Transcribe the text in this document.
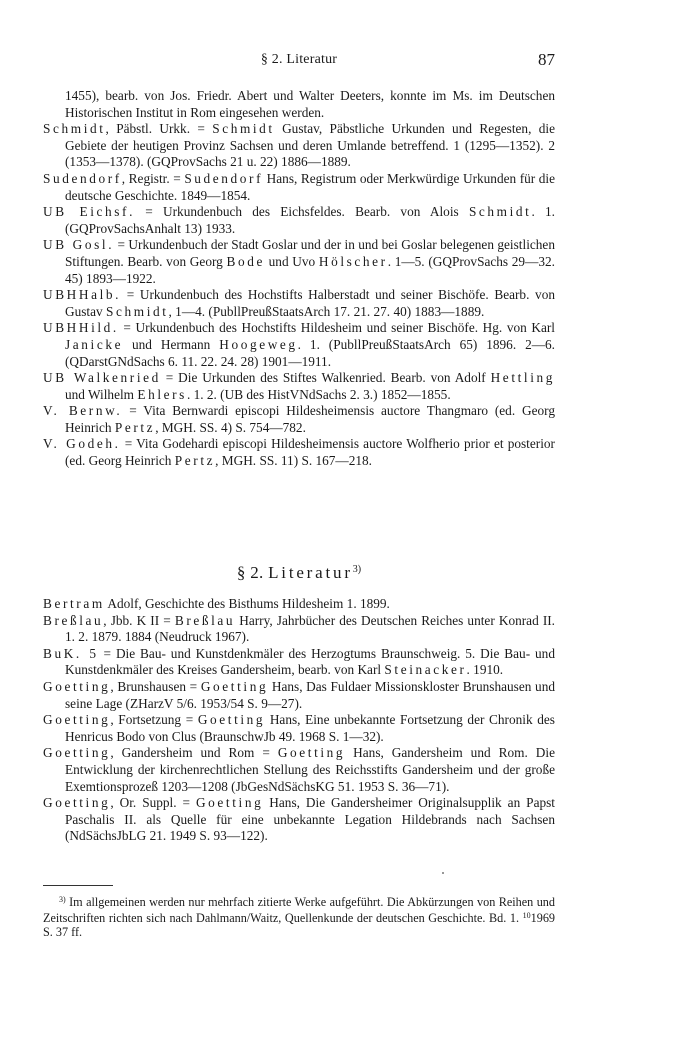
§ 2. Literatur	87

1455), bearb. von Jos. Friedr. Abert und Walter Deeters, konnte im Ms. im Deutschen Historischen Institut in Rom eingesehen werden.

Schmidt, Päbstl. Urkk. = Schmidt Gustav, Päbstliche Urkunden und Regesten, die Gebiete der heutigen Provinz Sachsen und deren Umlande betreffend. 1 (1295—1352). 2 (1353—1378). (GQProvSachs 21 u. 22) 1886—1889.

Sudendorf, Registr. = Sudendorf Hans, Registrum oder Merkwürdige Urkunden für die deutsche Geschichte. 1849—1854.

UB Eichsf. = Urkundenbuch des Eichsfeldes. Bearb. von Alois Schmidt. 1. (GQProvSachsAnhalt 13) 1933.

UB Gosl. = Urkundenbuch der Stadt Goslar und der in und bei Goslar belegenen geistlichen Stiftungen. Bearb. von Georg Bode und Uvo Hölscher. 1—5. (GQProvSachs 29—32. 45) 1893—1922.

UBHHalb. = Urkundenbuch des Hochstifts Halberstadt und seiner Bischöfe. Bearb. von Gustav Schmidt, 1—4. (PubllPreußStaatsArch 17. 21. 27. 40) 1883—1889.

UBHHild. = Urkundenbuch des Hochstifts Hildesheim und seiner Bischöfe. Hg. von Karl Janicke und Hermann Hoogeweg. 1. (PubllPreußStaatsArch 65) 1896. 2—6. (QDarstGNdSachs 6. 11. 22. 24. 28) 1901—1911.

UB Walkenried = Die Urkunden des Stiftes Walkenried. Bearb. von Adolf Hettling und Wilhelm Ehlers. 1. 2. (UB des HistVNdSachs 2. 3.) 1852—1855.

V. Bernw. = Vita Bernwardi episcopi Hildesheimensis auctore Thangmaro (ed. Georg Heinrich Pertz, MGH. SS. 4) S. 754—782.

V. Godeh. = Vita Godehardi episcopi Hildesheimensis auctore Wolfherio prior et posterior (ed. Georg Heinrich Pertz, MGH. SS. 11) S. 167—218.

§ 2. Literatur$^{3)}$

Bertram Adolf, Geschichte des Bisthums Hildesheim 1. 1899.

Breßlau, Jbb. K II = Breßlau Harry, Jahrbücher des Deutschen Reiches unter Konrad II. 1. 2. 1879. 1884 (Neudruck 1967).

BuK. 5 = Die Bau- und Kunstdenkmäler des Herzogtums Braunschweig. 5. Die Bau- und Kunstdenkmäler des Kreises Gandersheim, bearb. von Karl Steinacker. 1910.

Goetting, Brunshausen = Goetting Hans, Das Fuldaer Missionskloster Brunshausen und seine Lage (ZHarzV 5/6. 1953/54 S. 9—27).

Goetting, Fortsetzung = Goetting Hans, Eine unbekannte Fortsetzung der Chronik des Henricus Bodo von Clus (BraunschwJb 49. 1968 S. 1—32).

Goetting, Gandersheim und Rom = Goetting Hans, Gandersheim und Rom. Die Entwicklung der kirchenrechtlichen Stellung des Reichsstifts Gandersheim und der große Exemtionsprozeß 1203—1208 (JbGesNdSächsKG 51. 1953 S. 36—71).

Goetting, Or. Suppl. = Goetting Hans, Die Gandersheimer Originalsupplik an Papst Paschalis II. als Quelle für eine unbekannte Legation Hildebrands nach Sachsen (NdSächsJbLG 21. 1949 S. 93—122).

$^{3)}$ Im allgemeinen werden nur mehrfach zitierte Werke aufgeführt. Die Abkürzungen von Reihen und Zeitschriften richten sich nach Dahlmann/Waitz, Quellenkunde der deutschen Geschichte. Bd. 1. $^{10}$1969 S. 37 ff.
